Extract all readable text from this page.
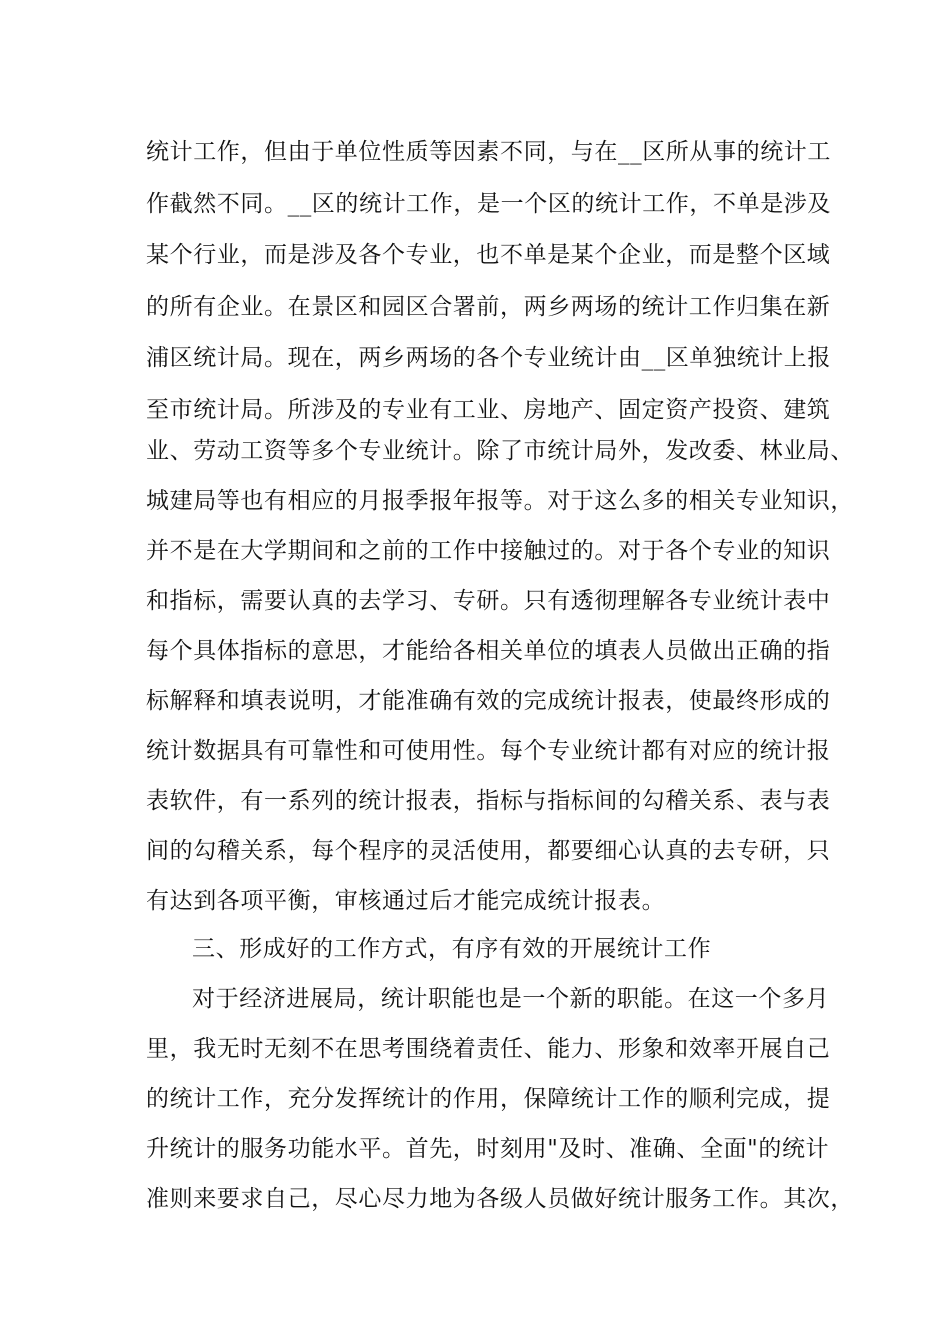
统计工作，但由于单位性质等因素不同，与在__区所从事的统计工
作截然不同。__区的统计工作，是一个区的统计工作，不单是涉及
某个行业，而是涉及各个专业，也不单是某个企业，而是整个区域
的所有企业。在景区和园区合署前，两乡两场的统计工作归集在新
浦区统计局。现在，两乡两场的各个专业统计由__区单独统计上报
至市统计局。所涉及的专业有工业、房地产、固定资产投资、建筑
业、劳动工资等多个专业统计。除了市统计局外，发改委、林业局、
城建局等也有相应的月报季报年报等。对于这么多的相关专业知识，
并不是在大学期间和之前的工作中接触过的。对于各个专业的知识
和指标，需要认真的去学习、专研。只有透彻理解各专业统计表中
每个具体指标的意思，才能给各相关单位的填表人员做出正确的指
标解释和填表说明，才能准确有效的完成统计报表，使最终形成的
统计数据具有可靠性和可使用性。每个专业统计都有对应的统计报
表软件，有一系列的统计报表，指标与指标间的勾稽关系、表与表
间的勾稽关系，每个程序的灵活使用，都要细心认真的去专研，只
有达到各项平衡，审核通过后才能完成统计报表。
三、形成好的工作方式，有序有效的开展统计工作
对于经济进展局，统计职能也是一个新的职能。在这一个多月
里，我无时无刻不在思考围绕着责任、能力、形象和效率开展自己
的统计工作，充分发挥统计的作用，保障统计工作的顺利完成，提
升统计的服务功能水平。首先，时刻用"及时、准确、全面"的统计
准则来要求自己，尽心尽力地为各级人员做好统计服务工作。其次，
